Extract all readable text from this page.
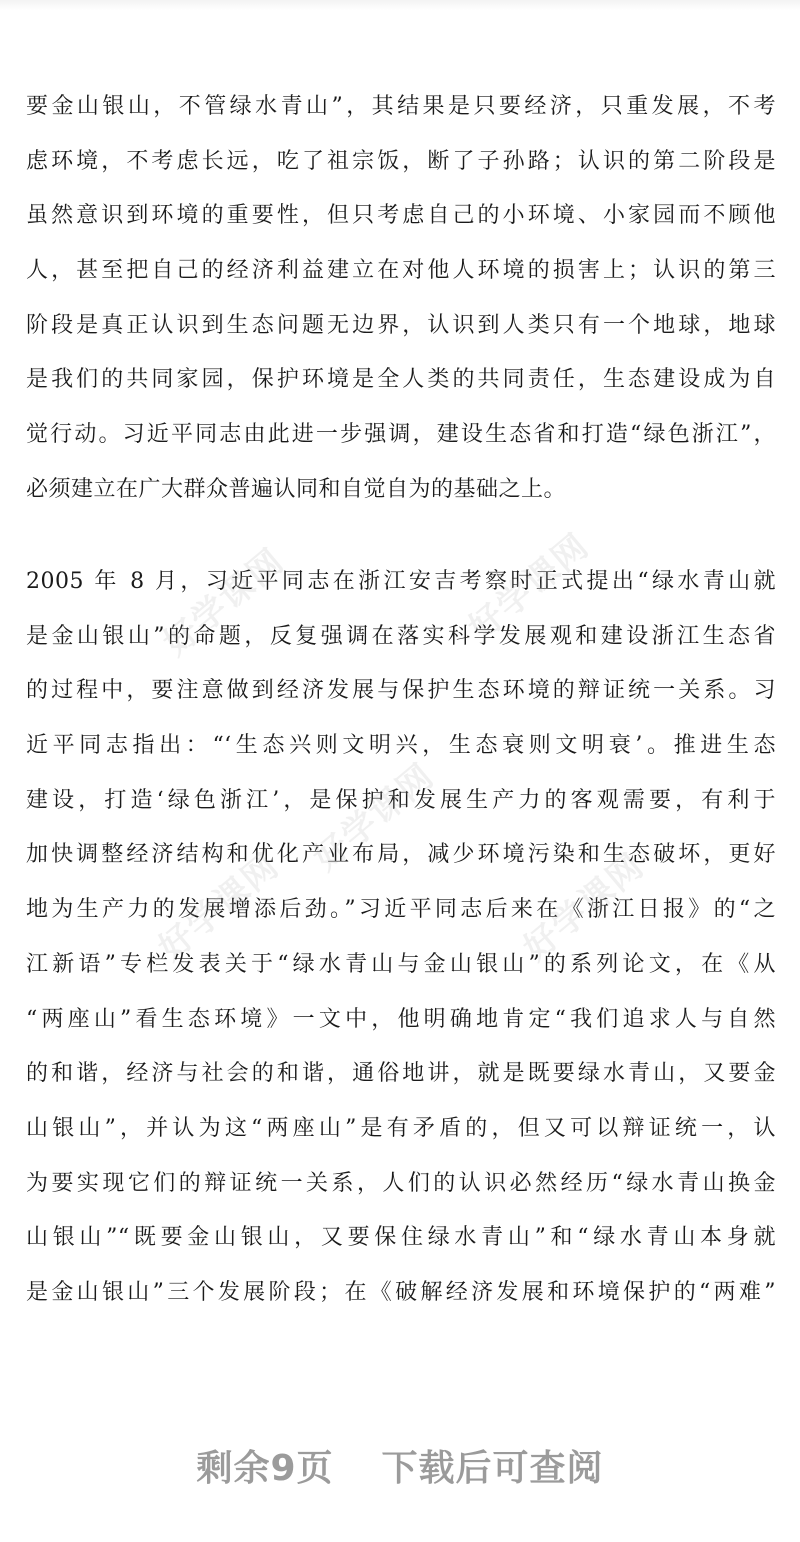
要金山银山，不管绿水青山”，其结果是只要经济，只重发展，不考
虑环境，不考虑长远，吃了祖宗饭，断了子孙路；认识的第二阶段是
虽然意识到环境的重要性，但只考虑自己的小环境、小家园而不顾他
人，甚至把自己的经济利益建立在对他人环境的损害上；认识的第三
阶段是真正认识到生态问题无边界，认识到人类只有一个地球，地球
是我们的共同家园，保护环境是全人类的共同责任，生态建设成为自
觉行动。习近平同志由此进一步强调，建设生态省和打造“绿色浙江”，
必须建立在广大群众普遍认同和自觉自为的基础之上。
2005 年 8 月，习近平同志在浙江安吉考察时正式提出“绿水青山就
是金山银山”的命题，反复强调在落实科学发展观和建设浙江生态省
的过程中，要注意做到经济发展与保护生态环境的辩证统一关系。习
近平同志指出：“‘生态兴则文明兴，生态衰则文明衰’。推进生态
建设，打造‘绿色浙江’，是保护和发展生产力的客观需要，有利于
加快调整经济结构和优化产业布局，减少环境污染和生态破坏，更好
地为生产力的发展增添后劲。”习近平同志后来在《浙江日报》的“之
江新语”专栏发表关于“绿水青山与金山银山”的系列论文，在《从
“两座山”看生态环境》一文中，他明确地肯定“我们追求人与自然
的和谐，经济与社会的和谐，通俗地讲，就是既要绿水青山，又要金
山银山”，并认为这“两座山”是有矛盾的，但又可以辩证统一，认
为要实现它们的辩证统一关系，人们的认识必然经历“绿水青山换金
山银山”“既要金山银山，又要保住绿水青山”和“绿水青山本身就
是金山银山”三个发展阶段；在《破解经济发展和环境保护的“两难”
好学课网	好学课网
好学课网
好学课网	好学课网
剩余9页 下载后可查阅
